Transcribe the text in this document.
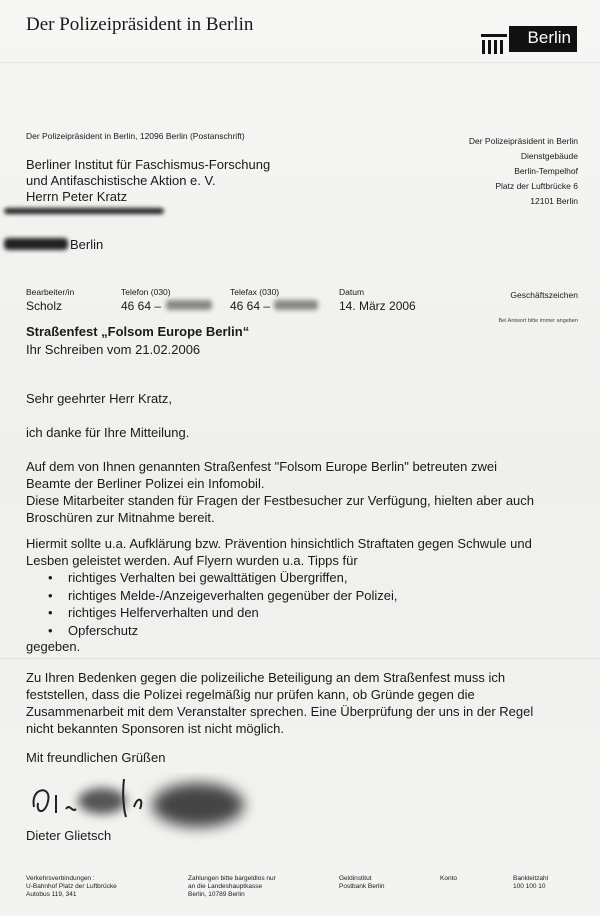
Der Polizeipräsident in Berlin
Berlin
Der Polizeipräsident in Berlin, 12096 Berlin (Postanschrift)	Der Polizeipräsident in Berlin
Dienstgebäude
Berlin-Tempelhof
Platz der Luftbrücke 6
12101 Berlin
Berliner Institut für Faschismus-Forschung
und Antifaschistische Aktion e. V.
Herrn Peter Kratz
Berlin
Bearbeiter/in
Scholz
Telefon (030)
46 64 –
Telefax (030)
46 64 –
Datum
14. März 2006
Geschäftszeichen
Bei Antwort bitte immer angeben
Straßenfest „Folsom Europe Berlin“
Ihr Schreiben vom 21.02.2006

Sehr geehrter Herr Kratz,

ich danke für Ihre Mitteilung.

Auf dem von Ihnen genannten Straßenfest "Folsom Europe Berlin" betreuten zwei

Beamte der Berliner Polizei ein Infomobil.

Diese Mitarbeiter standen für Fragen der Festbesucher zur Verfügung, hielten aber auch

Broschüren zur Mitnahme bereit.

Hiermit sollte u.a. Aufklärung bzw. Prävention hinsichtlich Straftaten gegen Schwule und

Lesben geleistet werden. Auf Flyern wurden u.a. Tipps für

• richtiges Verhalten bei gewalttätigen Übergriffen,
• richtiges Melde-/Anzeigeverhalten gegenüber der Polizei,
• richtiges Helferverhalten und den
• Opferschutz

gegeben.

Zu Ihren Bedenken gegen die polizeiliche Beteiligung an dem Straßenfest muss ich

feststellen, dass die Polizei regelmäßig nur prüfen kann, ob Gründe gegen die

Zusammenarbeit mit dem Veranstalter sprechen. Eine Überprüfung der uns in der Regel

nicht bekannten Sponsoren ist nicht möglich.

Mit freundlichen Grüßen

Dieter Glietsch
Verkehrsverbindungen :
U-Bahnhof Platz der Luftbrücke
Autobus 119, 341
Zahlungen bitte bargeldlos nur
an die Landeshauptkasse
Berlin, 10789 Berlin
Geldinstitut
Postbank Berlin
Konto	Bankleitzahl
100 100 10
